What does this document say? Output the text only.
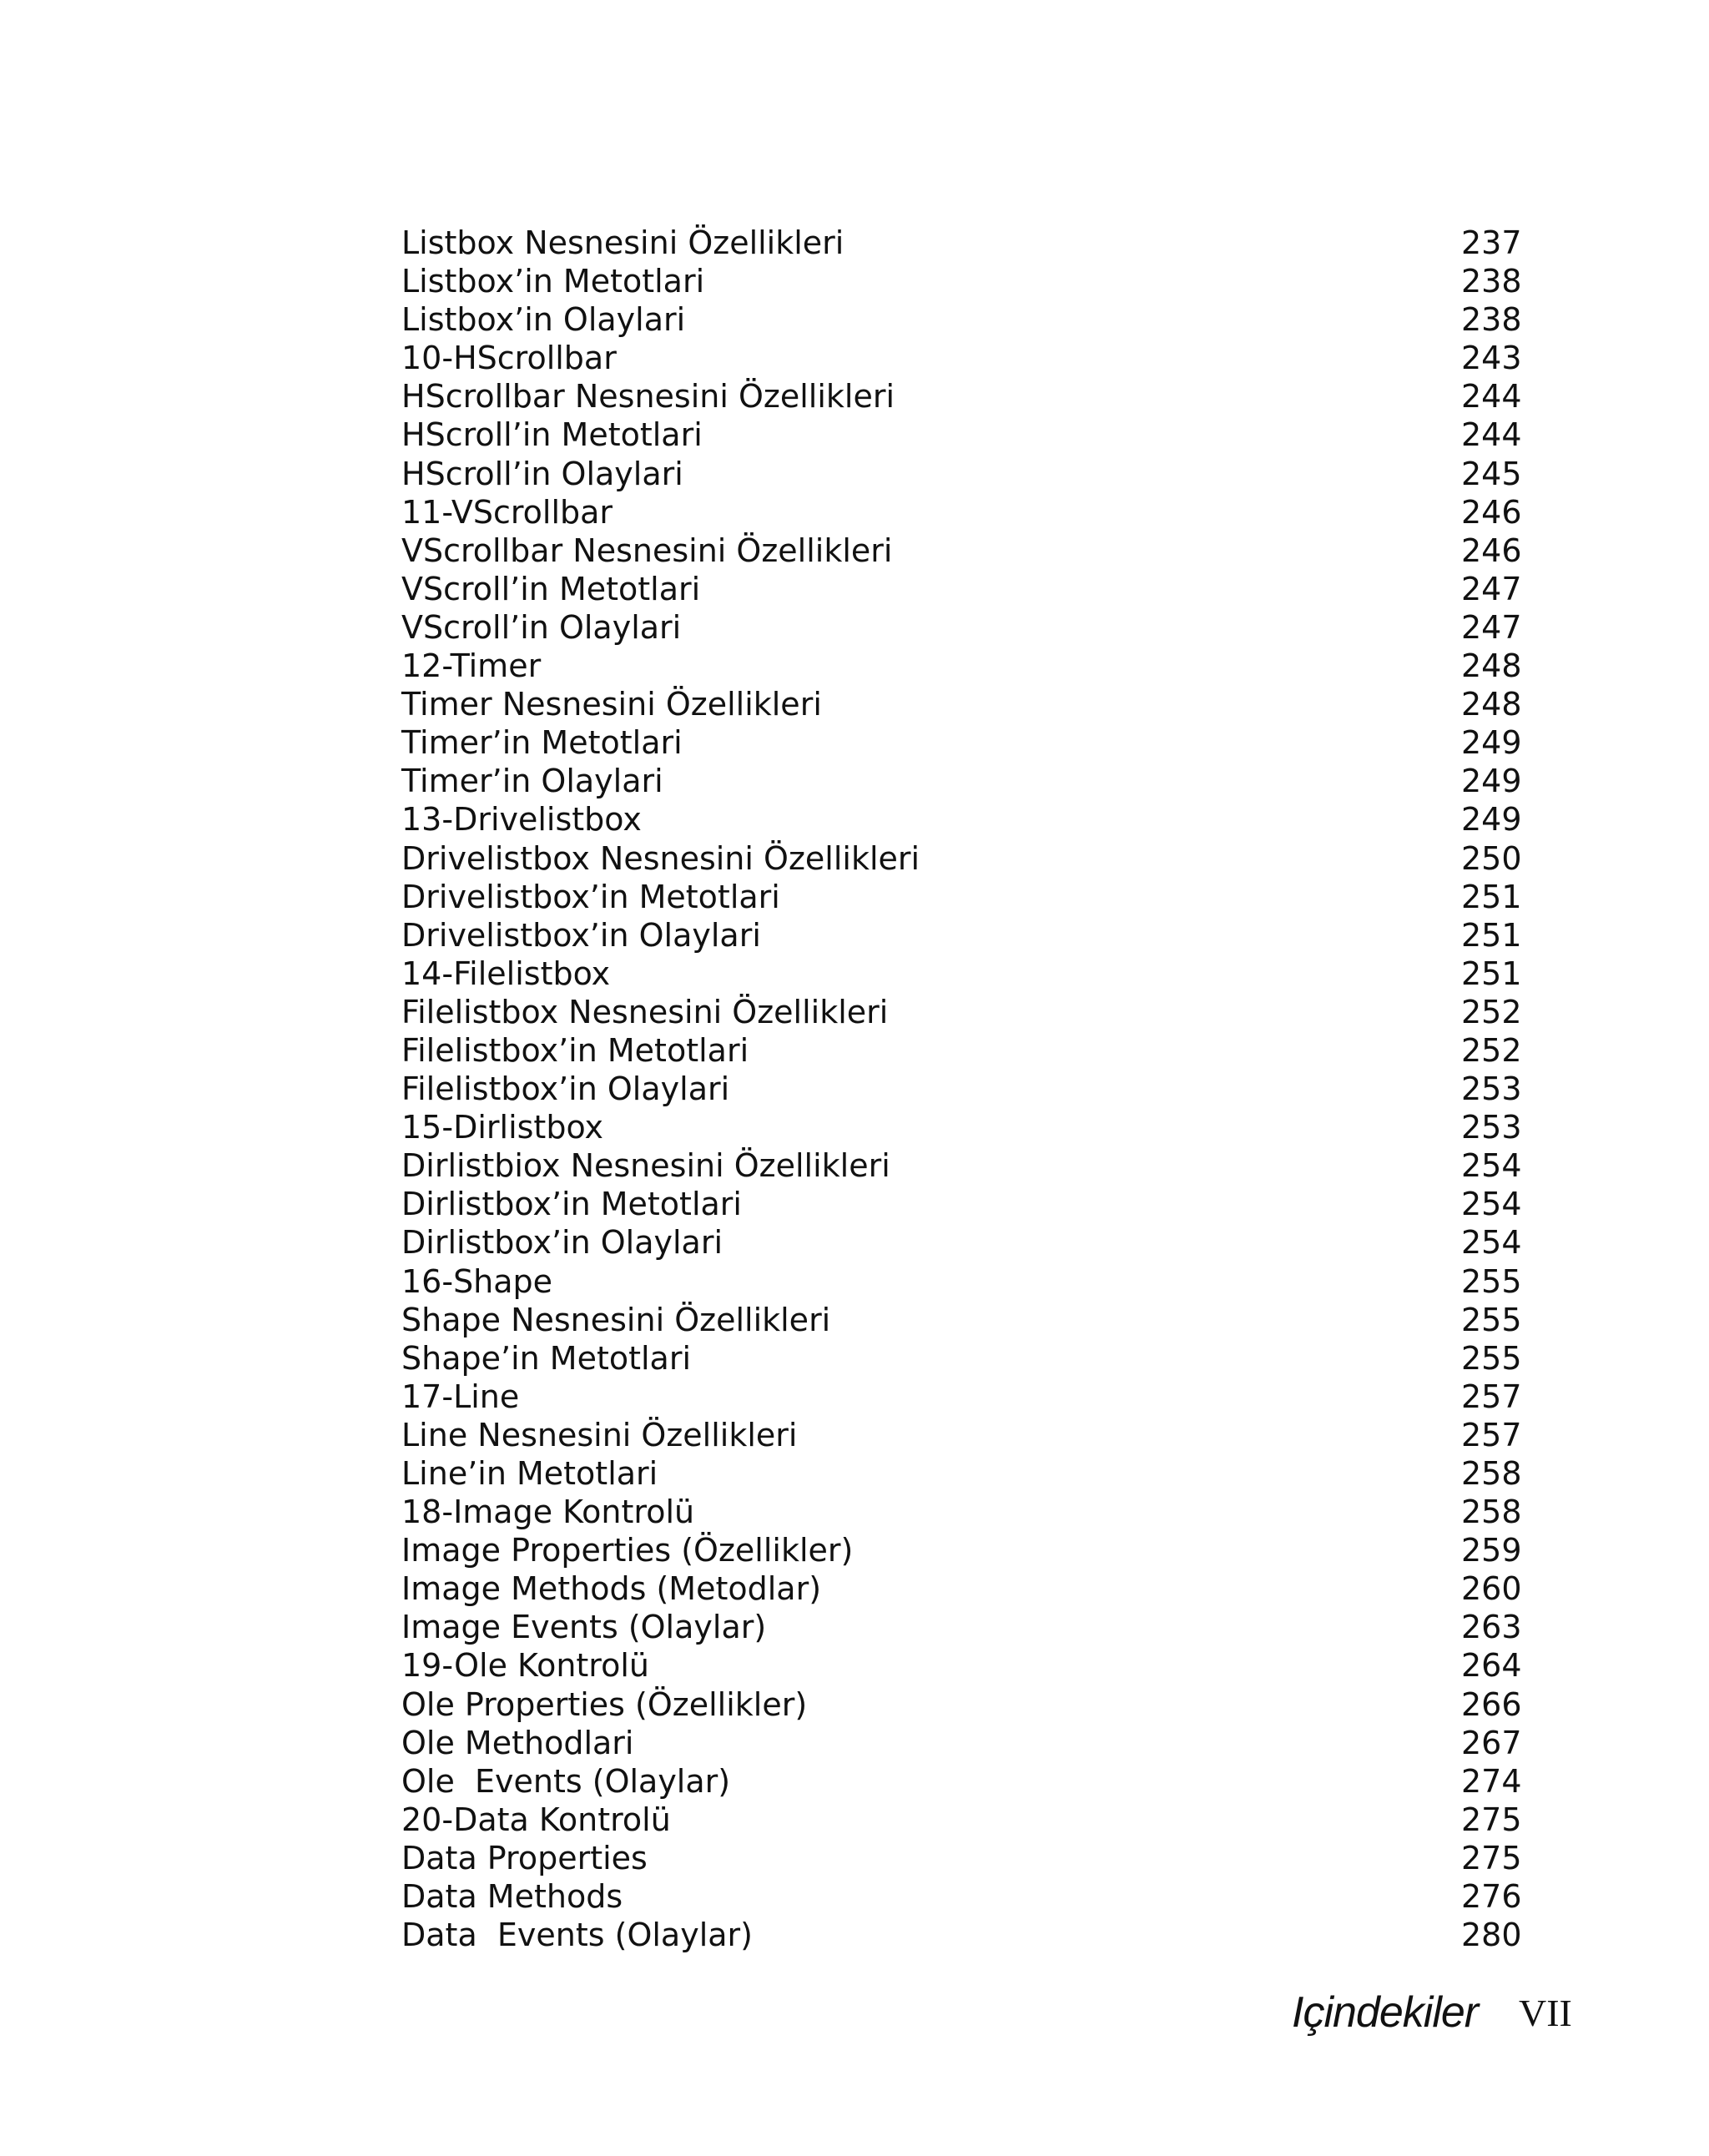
Listbox Nesnesini Özellikleri	237
Listbox’in Metotlari	238
Listbox’in Olaylari	238
10-HScrollbar	243
HScrollbar Nesnesini Özellikleri	244
HScroll’in Metotlari	244
HScroll’in Olaylari	245
11-VScrollbar	246
VScrollbar Nesnesini Özellikleri	246
VScroll’in Metotlari	247
VScroll’in Olaylari	247
12-Timer	248
Timer Nesnesini Özellikleri	248
Timer’in Metotlari	249
Timer’in Olaylari	249
13-Drivelistbox	249
Drivelistbox Nesnesini Özellikleri	250
Drivelistbox’in Metotlari	251
Drivelistbox’in Olaylari	251
14-Filelistbox	251
Filelistbox Nesnesini Özellikleri	252
Filelistbox’in Metotlari	252
Filelistbox’in Olaylari	253
15-Dirlistbox	253
Dirlistbiox Nesnesini Özellikleri	254
Dirlistbox’in Metotlari	254
Dirlistbox’in Olaylari	254
16-Shape	255
Shape Nesnesini Özellikleri	255
Shape’in Metotlari	255
17-Line	257
Line Nesnesini Özellikleri	257
Line’in Metotlari	258
18-Image Kontrolü	258
Image Properties (Özellikler)	259
Image Methods (Metodlar)	260
Image Events (Olaylar)	263
19-Ole Kontrolü	264
Ole Properties (Özellikler)	266
Ole Methodlari	267
Ole  Events (Olaylar)	274
20-Data Kontrolü	275
Data Properties	275
Data Methods	276
Data  Events (Olaylar)	280
Içindekiler VII
